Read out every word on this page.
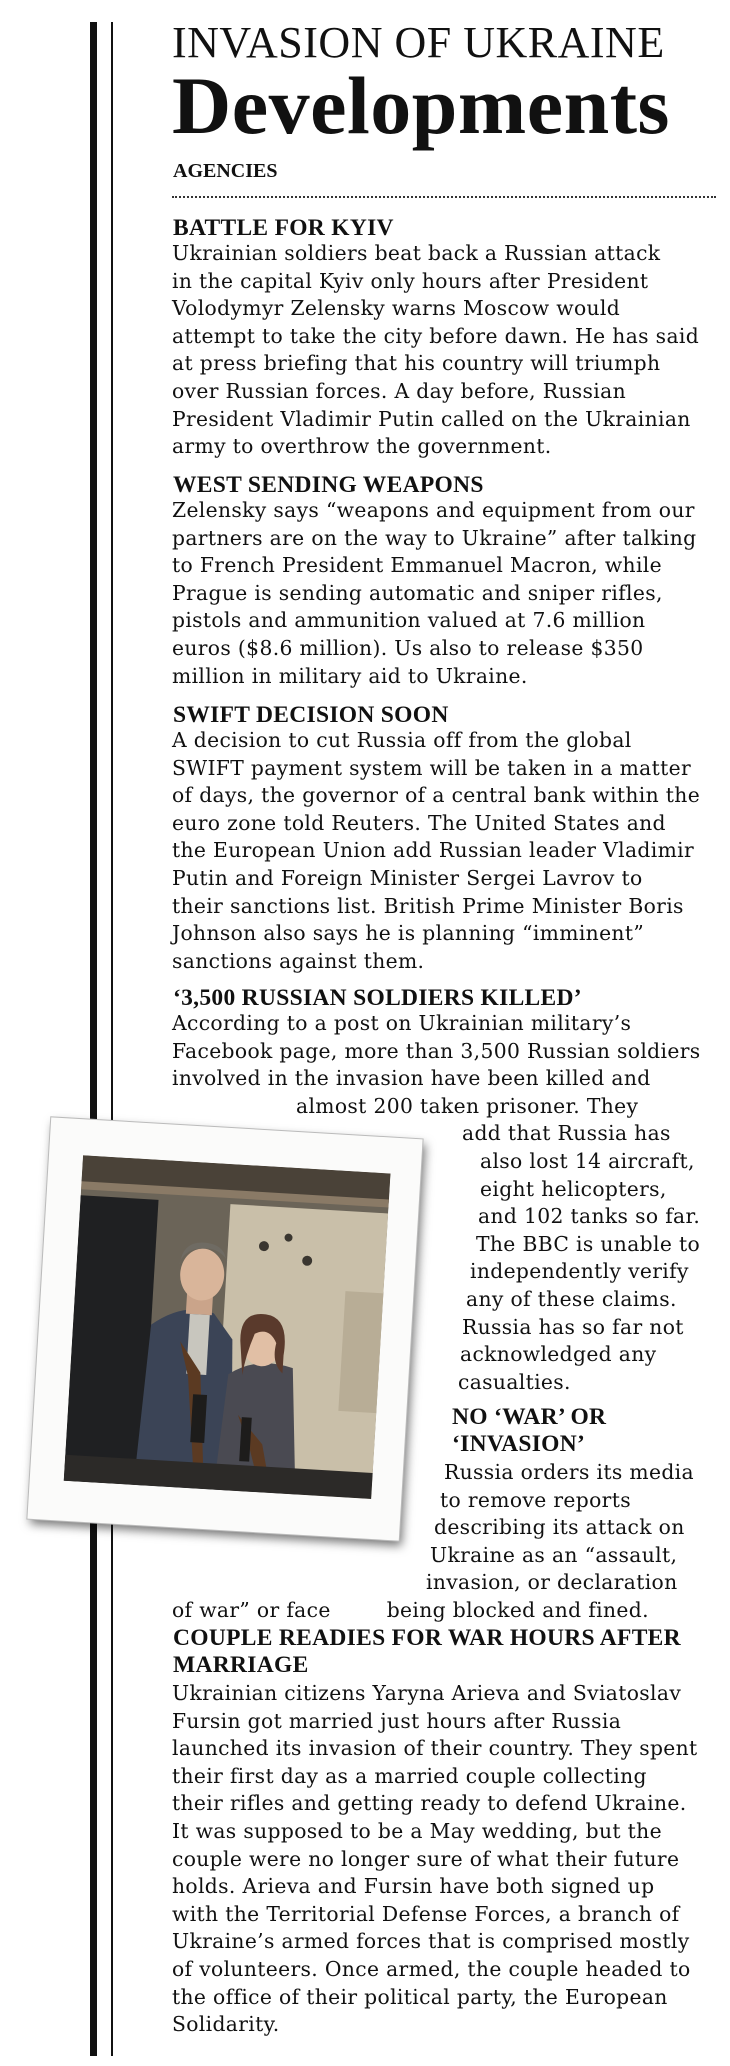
INVASION OF UKRAINE
Developments
AGENCIES
BATTLE FOR KYIV
Ukrainian soldiers beat back a Russian attack
in the capital Kyiv only hours after President
Volodymyr Zelensky warns Moscow would
attempt to take the city before dawn. He has said
at press briefing that his country will triumph
over Russian forces. A day before, Russian
President Vladimir Putin called on the Ukrainian
army to overthrow the government.
WEST SENDING WEAPONS
Zelensky says “weapons and equipment from our
partners are on the way to Ukraine” after talking
to French President Emmanuel Macron, while
Prague is sending automatic and sniper rifles,
pistols and ammunition valued at 7.6 million
euros ($8.6 million). Us also to release $350
million in military aid to Ukraine.
SWIFT DECISION SOON
A decision to cut Russia off from the global
SWIFT payment system will be taken in a matter
of days, the governor of a central bank within the
euro zone told Reuters. The United States and
the European Union add Russian leader Vladimir
Putin and Foreign Minister Sergei Lavrov to
their sanctions list. British Prime Minister Boris
Johnson also says he is planning “imminent”
sanctions against them.
‘3,500 RUSSIAN SOLDIERS KILLED’
According to a post on Ukrainian military’s
Facebook page, more than 3,500 Russian soldiers
involved in the invasion have been killed and
almost 200 taken prisoner. They
add that Russia has
also lost 14 aircraft,
eight helicopters,
and 102 tanks so far.
The BBC is unable to
independently verify
any of these claims.
Russia has so far not
acknowledged any
casualties.
NO ‘WAR’ OR
‘INVASION’
Russia orders its media
to remove reports
describing its attack on
Ukraine as an “assault,
invasion, or declaration
of war” or face	being blocked and fined.
COUPLE READIES FOR WAR HOURS AFTER
MARRIAGE
Ukrainian citizens Yaryna Arieva and Sviatoslav
Fursin got married just hours after Russia
launched its invasion of their country. They spent
their first day as a married couple collecting
their rifles and getting ready to defend Ukraine.
It was supposed to be a May wedding, but the
couple were no longer sure of what their future
holds. Arieva and Fursin have both signed up
with the Territorial Defense Forces, a branch of
Ukraine’s armed forces that is comprised mostly
of volunteers. Once armed, the couple headed to
the office of their political party, the European
Solidarity.
